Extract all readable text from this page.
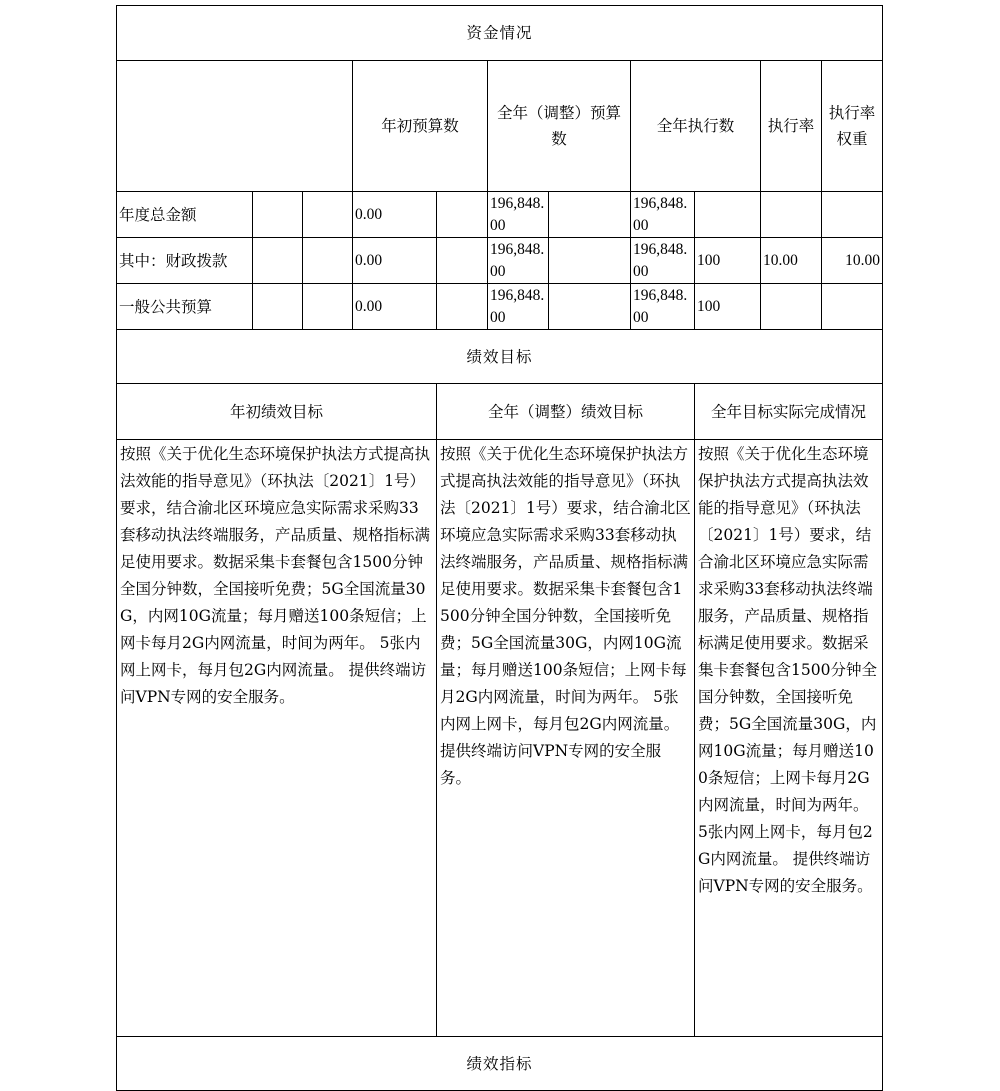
资金情况											
			年初预算数		全年（调整）预算数		全年执行数		执行率	执行率权重	
年度总金额			0.00		196,848.00		196,848.00				
其中：财政拨款			0.00		196,848.00		196,848.00	100	10.00	10.00	
一般公共预算			0.00		196,848.00		196,848.00	100			
绩效目标											
年初绩效目标				全年（调整）绩效目标				全年目标实际完成情况			
按照《关于优化生态环境保护执法方式提高执法效能的指导意见》（环执法〔2021〕1号）要求，结合渝北区环境应急实际需求采购33套移动执法终端服务，产品质量、规格指标满足使用要求。数据采集卡套餐包含1500分钟全国分钟数，全国接听免费；5G全国流量30G，内网10G流量；每月赠送100条短信；上网卡每月2G内网流量，时间为两年。 5张内网上网卡，每月包2G内网流量。 提供终端访问VPN专网的安全服务。				按照《关于优化生态环境保护执法方式提高执法效能的指导意见》（环执法〔2021〕1号）要求，结合渝北区环境应急实际需求采购33套移动执法终端服务，产品质量、规格指标满足使用要求。数据采集卡套餐包含1500分钟全国分钟数，全国接听免费；5G全国流量30G，内网10G流量；每月赠送100条短信；上网卡每月2G内网流量，时间为两年。 5张内网上网卡，每月包2G内网流量。 提供终端访问VPN专网的安全服务。				按照《关于优化生态环境保护执法方式提高执法效能的指导意见》（环执法〔2021〕1号）要求，结合渝北区环境应急实际需求采购33套移动执法终端服务，产品质量、规格指标满足使用要求。数据采集卡套餐包含1500分钟全国分钟数，全国接听免费；5G全国流量30G，内网10G流量；每月赠送100条短信；上网卡每月2G内网流量，时间为两年。 5张内网上网卡，每月包2G内网流量。 提供终端访问VPN专网的安全服务。			
绩效指标											
